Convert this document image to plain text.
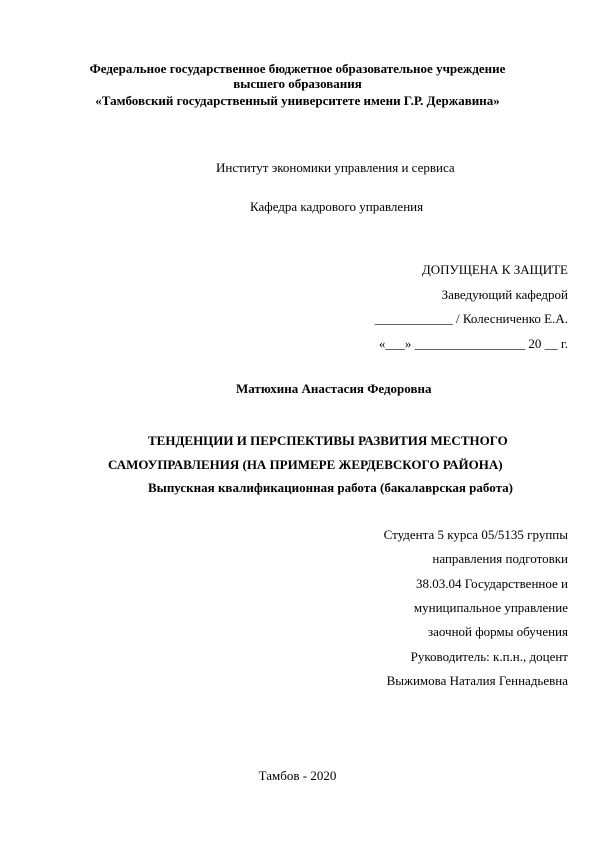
Федеральное государственное бюджетное образовательное учреждение
высшего образования
«Тамбовский государственный университете имени Г.Р. Державина»
Институт экономики управления и сервиса
Кафедра кадрового управления
ДОПУЩЕНА К ЗАЩИТЕ
Заведующий кафедрой
____________ / Колесниченко Е.А.
«___» _________________ 20 __ г.
Матюхина Анастасия Федоровна
ТЕНДЕНЦИИ И ПЕРСПЕКТИВЫ РАЗВИТИЯ МЕСТНОГО
САМОУПРАВЛЕНИЯ (НА ПРИМЕРЕ ЖЕРДЕВСКОГО РАЙОНА)
Выпускная квалификационная работа (бакалаврская работа)
Студента 5 курса 05/5135 группы
направления подготовки
38.03.04 Государственное и
муниципальное управление
заочной формы обучения
Руководитель: к.п.н., доцент
Выжимова Наталия Геннадьевна
Тамбов - 2020
